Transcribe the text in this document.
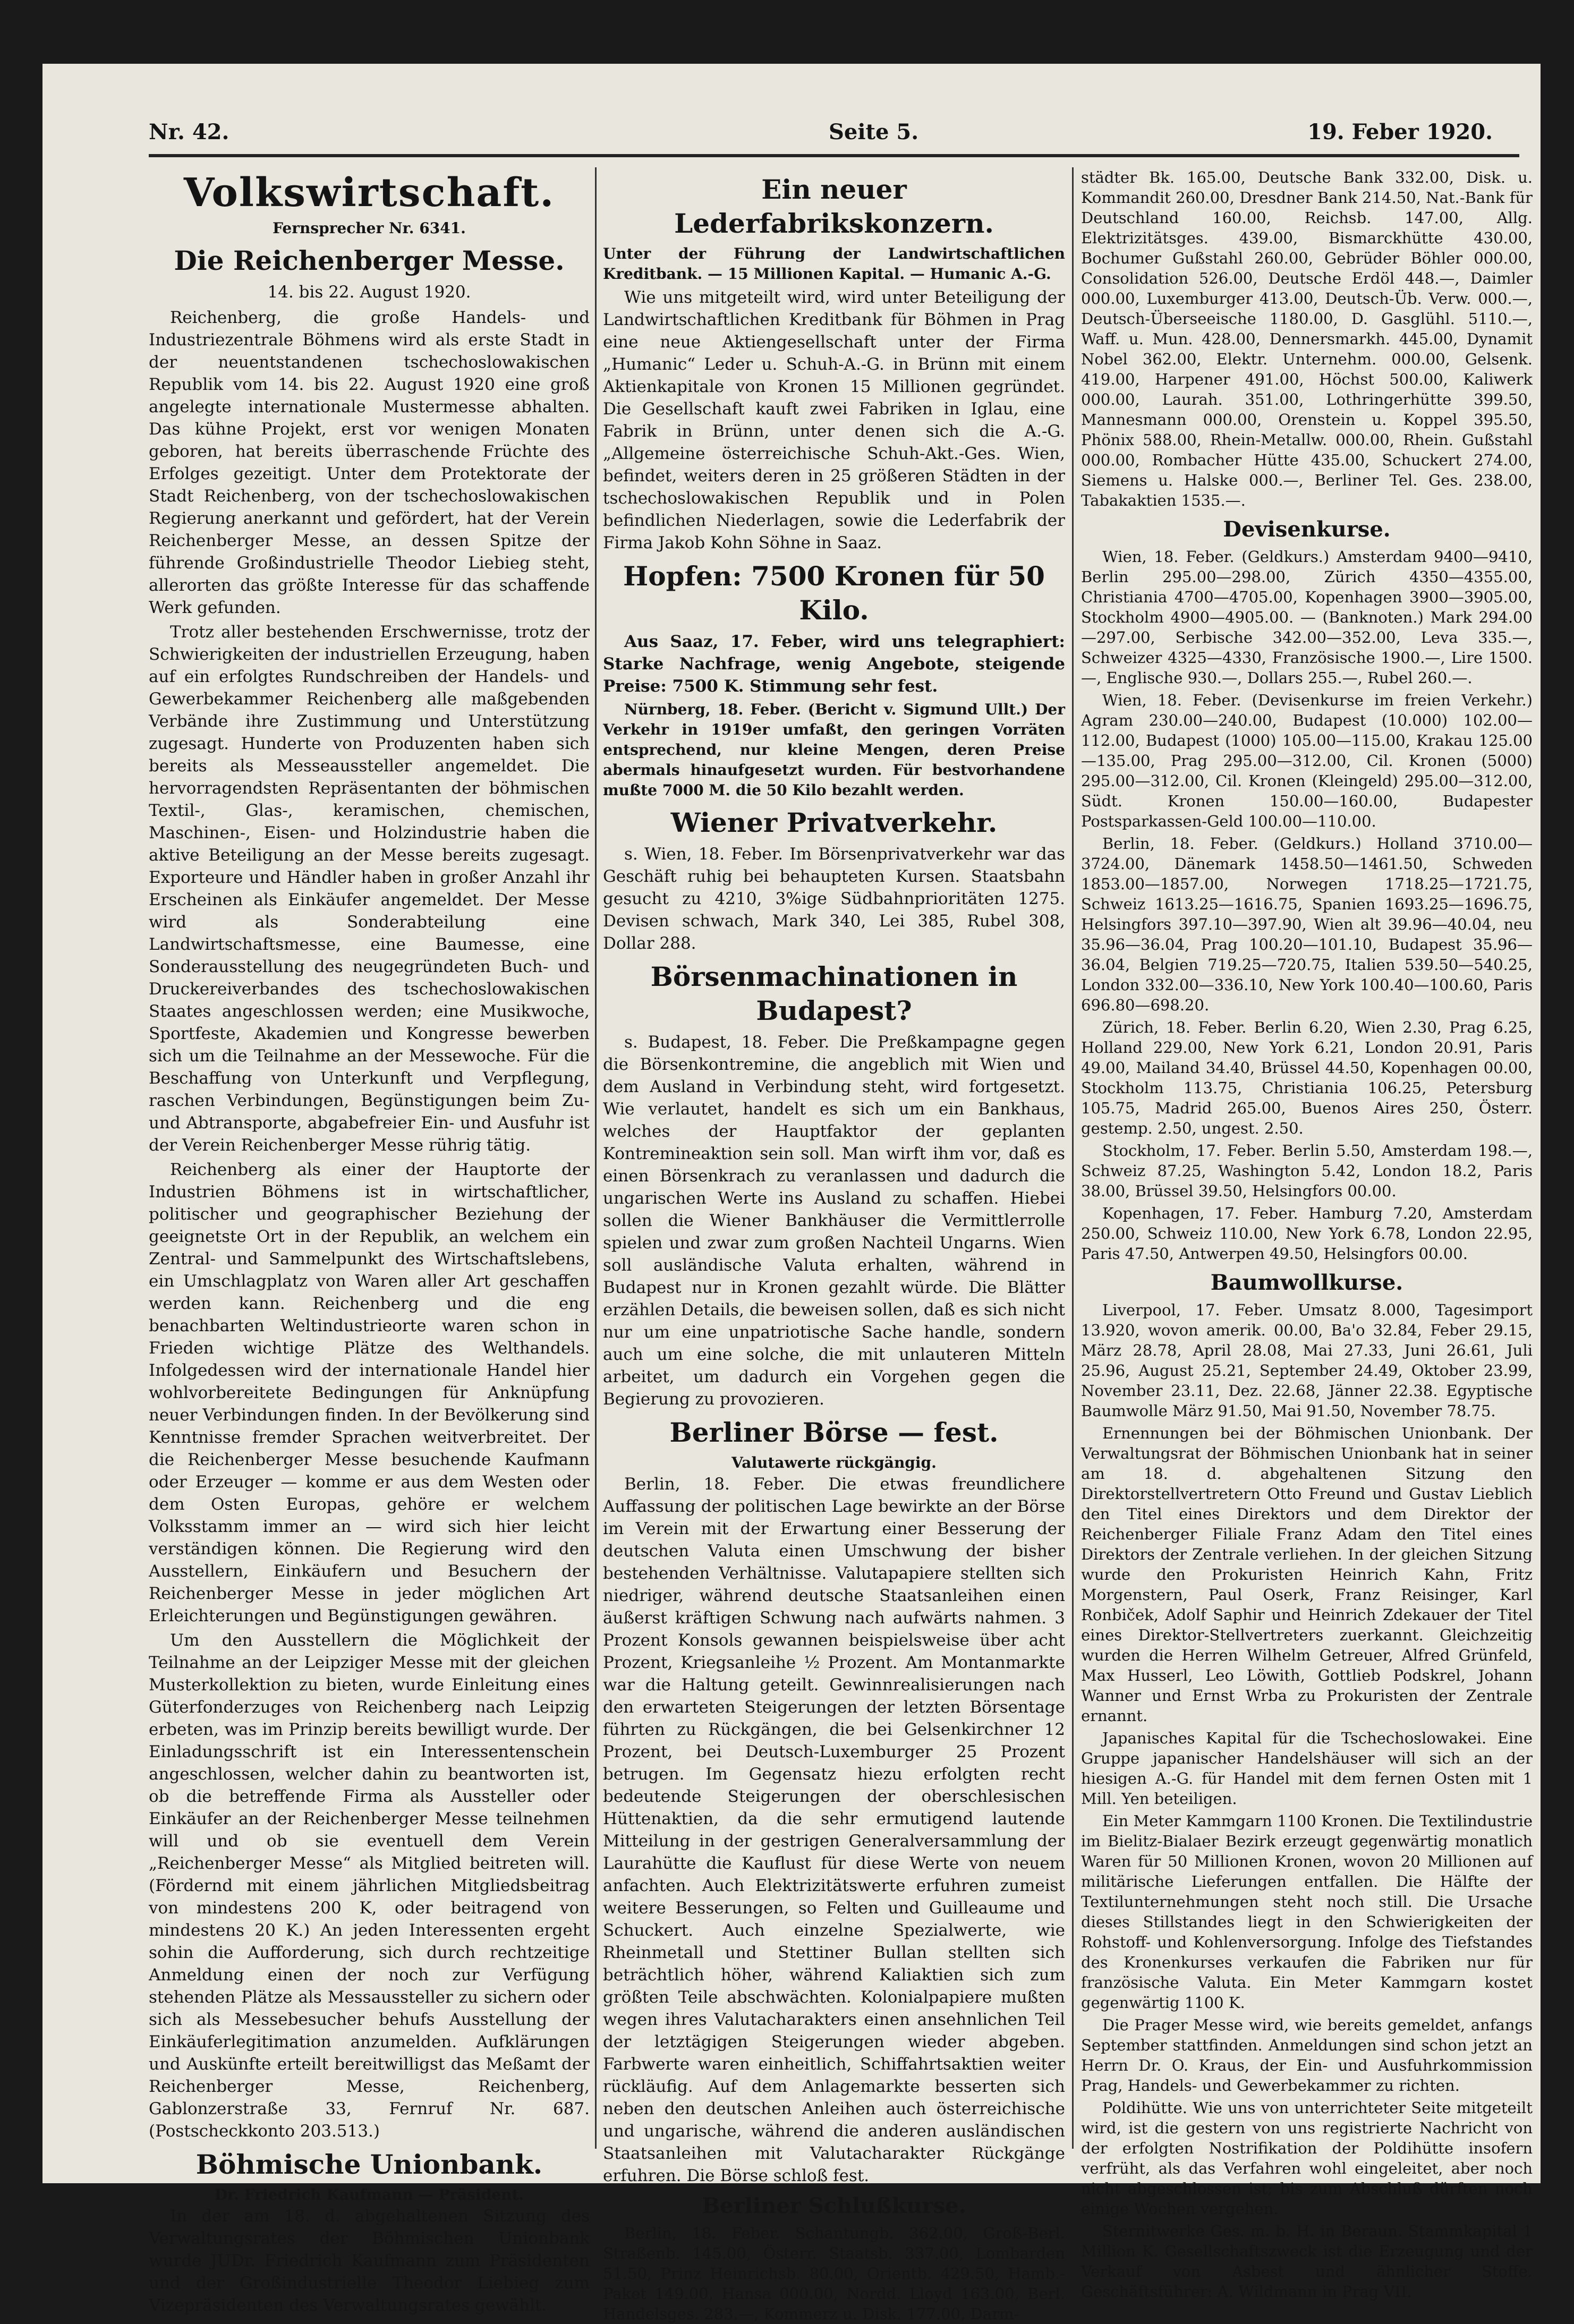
Nr. 42.	Seite 5.	19. Feber 1920.
Volkswirtschaft.
Fernsprecher Nr. 6341.
Die Reichenberger Messe.
14. bis 22. August 1920.

Reichenberg, die große Handels- und Industriezentrale Böhmens wird als erste Stadt in der neuentstandenen tschechoslowakischen Republik vom 14. bis 22. August 1920 eine groß angelegte internationale Mustermesse abhalten. Das kühne Projekt, erst vor wenigen Monaten geboren, hat bereits überraschende Früchte des Erfolges gezeitigt. Unter dem Protektorate der Stadt Reichenberg, von der tschechoslowakischen Regierung anerkannt und gefördert, hat der Verein Reichenberger Messe, an dessen Spitze der führende Großindustrielle Theodor Liebieg steht, allerorten das größte Interesse für das schaffende Werk gefunden.

Trotz aller bestehenden Erschwernisse, trotz der Schwierigkeiten der industriellen Erzeugung, haben auf ein erfolgtes Rundschreiben der Handels- und Gewerbekammer Reichenberg alle maßgebenden Verbände ihre Zustimmung und Unterstützung zugesagt. Hunderte von Produzenten haben sich bereits als Messeaussteller angemeldet. Die hervorragendsten Repräsentanten der böhmischen Textil-, Glas-, keramischen, chemischen, Maschinen-, Eisen- und Holzindustrie haben die aktive Beteiligung an der Messe bereits zugesagt. Exporteure und Händler haben in großer Anzahl ihr Erscheinen als Einkäufer angemeldet. Der Messe wird als Sonderabteilung eine Landwirtschaftsmesse, eine Baumesse, eine Sonderausstellung des neugegründeten Buch- und Druckereiverbandes des tschechoslowakischen Staates angeschlossen werden; eine Musikwoche, Sportfeste, Akademien und Kongresse bewerben sich um die Teilnahme an der Messewoche. Für die Beschaffung von Unterkunft und Verpflegung, raschen Verbindungen, Begünstigungen beim Zu- und Abtransporte, abgabefreier Ein- und Ausfuhr ist der Verein Reichenberger Messe rührig tätig.

Reichenberg als einer der Hauptorte der Industrien Böhmens ist in wirtschaftlicher, politischer und geographischer Beziehung der geeignetste Ort in der Republik, an welchem ein Zentral- und Sammelpunkt des Wirtschaftslebens, ein Umschlagplatz von Waren aller Art geschaffen werden kann. Reichenberg und die eng benachbarten Weltindustrieorte waren schon in Frieden wichtige Plätze des Welthandels. Infolgedessen wird der internationale Handel hier wohlvorbereitete Bedingungen für Anknüpfung neuer Verbindungen finden. In der Bevölkerung sind Kenntnisse fremder Sprachen weitverbreitet. Der die Reichenberger Messe besuchende Kaufmann oder Erzeuger — komme er aus dem Westen oder dem Osten Europas, gehöre er welchem Volksstamm immer an — wird sich hier leicht verständigen können. Die Regierung wird den Ausstellern, Einkäufern und Besuchern der Reichenberger Messe in jeder möglichen Art Erleichterungen und Begünstigungen gewähren.

Um den Ausstellern die Möglichkeit der Teilnahme an der Leipziger Messe mit der gleichen Musterkollektion zu bieten, wurde Einleitung eines Güterfonderzuges von Reichenberg nach Leipzig erbeten, was im Prinzip bereits bewilligt wurde. Der Einladungsschrift ist ein Interessentenschein angeschlossen, welcher dahin zu beantworten ist, ob die betreffende Firma als Aussteller oder Einkäufer an der Reichenberger Messe teilnehmen will und ob sie eventuell dem Verein „Reichenberger Messe“ als Mitglied beitreten will. (Fördernd mit einem jährlichen Mitgliedsbeitrag von mindestens 200 K, oder beitragend von mindestens 20 K.) An jeden Interessenten ergeht sohin die Aufforderung, sich durch rechtzeitige Anmeldung einen der noch zur Verfügung stehenden Plätze als Messaussteller zu sichern oder sich als Messebesucher behufs Ausstellung der Einkäuferlegitimation anzumelden. Aufklärungen und Auskünfte erteilt bereitwilligst das Meßamt der Reichenberger Messe, Reichenberg, Gablonzerstraße 33, Fernruf Nr. 687. (Postscheckkonto 203.513.)

Böhmische Unionbank.
Dr. Friedrich Kaufmann — Präsident.

In der am 18. d. abgehaltenen Sitzung des Verwaltungsrates der Böhmischen Unionbank wurde JUDr. Friedrich Kaufmann zum Präsidenten und der Großindustrielle Theodor Liebieg zum Vizepräsidenten des Verwaltungsrates gewählt.

Ein neuer Lederfabrikskonzern.

Unter der Führung der Landwirtschaftlichen Kreditbank. — 15 Millionen Kapital. — Humanic A.-G.

Wie uns mitgeteilt wird, wird unter Beteiligung der Landwirtschaftlichen Kreditbank für Böhmen in Prag eine neue Aktiengesellschaft unter der Firma „Humanic“ Leder u. Schuh-A.-G. in Brünn mit einem Aktienkapitale von Kronen 15 Millionen gegründet. Die Gesellschaft kauft zwei Fabriken in Iglau, eine Fabrik in Brünn, unter denen sich die A.-G. „Allgemeine österreichische Schuh-Akt.-Ges. Wien, befindet, weiters deren in 25 größeren Städten in der tschechoslowakischen Republik und in Polen befindlichen Niederlagen, sowie die Lederfabrik der Firma Jakob Kohn Söhne in Saaz.

Hopfen: 7500 Kronen für 50 Kilo.

Aus Saaz, 17. Feber, wird uns telegraphiert: Starke Nachfrage, wenig Angebote, steigende Preise: 7500 K. Stimmung sehr fest.

Nürnberg, 18. Feber. (Bericht v. Sigmund Ullt.) Der Verkehr in 1919er umfaßt, den geringen Vorräten entsprechend, nur kleine Mengen, deren Preise abermals hinaufgesetzt wurden. Für bestvorhandene mußte 7000 M. die 50 Kilo bezahlt werden.

Wiener Privatverkehr.

s. Wien, 18. Feber. Im Börsenprivatverkehr war das Geschäft ruhig bei behaupteten Kursen. Staatsbahn gesucht zu 4210, 3%ige Südbahnprioritäten 1275. Devisen schwach, Mark 340, Lei 385, Rubel 308, Dollar 288.

Börsenmachinationen in Budapest?

s. Budapest, 18. Feber. Die Preßkampagne gegen die Börsenkontremine, die angeblich mit Wien und dem Ausland in Verbindung steht, wird fortgesetzt. Wie verlautet, handelt es sich um ein Bankhaus, welches der Hauptfaktor der geplanten Kontremineaktion sein soll. Man wirft ihm vor, daß es einen Börsenkrach zu veranlassen und dadurch die ungarischen Werte ins Ausland zu schaffen. Hiebei sollen die Wiener Bankhäuser die Vermittlerrolle spielen und zwar zum großen Nachteil Ungarns. Wien soll ausländische Valuta erhalten, während in Budapest nur in Kronen gezahlt würde. Die Blätter erzählen Details, die beweisen sollen, daß es sich nicht nur um eine unpatriotische Sache handle, sondern auch um eine solche, die mit unlauteren Mitteln arbeitet, um dadurch ein Vorgehen gegen die Begierung zu provozieren.

Berliner Börse — fest.
Valutawerte rückgängig.

Berlin, 18. Feber. Die etwas freundlichere Auffassung der politischen Lage bewirkte an der Börse im Verein mit der Erwartung einer Besserung der deutschen Valuta einen Umschwung der bisher bestehenden Verhältnisse. Valutapapiere stellten sich niedriger, während deutsche Staatsanleihen einen äußerst kräftigen Schwung nach aufwärts nahmen. 3 Prozent Konsols gewannen beispielsweise über acht Prozent, Kriegsanleihe ½ Prozent. Am Montanmarkte war die Haltung geteilt. Gewinnrealisierungen nach den erwarteten Steigerungen der letzten Börsentage führten zu Rückgängen, die bei Gelsenkirchner 12 Prozent, bei Deutsch-Luxemburger 25 Prozent betrugen. Im Gegensatz hiezu erfolgten recht bedeutende Steigerungen der oberschlesischen Hüttenaktien, da die sehr ermutigend lautende Mitteilung in der gestrigen Generalversammlung der Laurahütte die Kauflust für diese Werte von neuem anfachten. Auch Elektrizitätswerte erfuhren zumeist weitere Besserungen, so Felten und Guilleaume und Schuckert. Auch einzelne Spezialwerte, wie Rheinmetall und Stettiner Bullan stellten sich beträchtlich höher, während Kaliaktien sich zum größten Teile abschwächten. Kolonialpapiere mußten wegen ihres Valutacharakters einen ansehnlichen Teil der letztägigen Steigerungen wieder abgeben. Farbwerte waren einheitlich, Schiffahrtsaktien weiter rückläufig. Auf dem Anlagemarkte besserten sich neben den deutschen Anleihen auch österreichische und ungarische, während die anderen ausländischen Staatsanleihen mit Valutacharakter Rückgänge erfuhren. Die Börse schloß fest.

Berliner Schlußkurse.

Berlin, 18. Feber. Schantungb. 362.00, Groß-Berl. Straßenb. 145.00, Österr. Staatsb. 337.00, Lombarden 51.50, Prinz Heinrichsb. 80.00, Orientb. 429.50, Hamb.-Paket 149.00, Hansa 000.00, Nordd. Lloyd 163.00, Berl. Handelsges. 283.—, Kommerz u. Disk. 177.00, Darm-

städter Bk. 165.00, Deutsche Bank 332.00, Disk. u. Kommandit 260.00, Dresdner Bank 214.50, Nat.-Bank für Deutschland 160.00, Reichsb. 147.00, Allg. Elektrizitätsges. 439.00, Bismarckhütte 430.00, Bochumer Gußstahl 260.00, Gebrüder Böhler 000.00, Consolidation 526.00, Deutsche Erdöl 448.—, Daimler 000.00, Luxemburger 413.00, Deutsch-Üb. Verw. 000.—, Deutsch-Überseeische 1180.00, D. Gasglühl. 5110.—, Waff. u. Mun. 428.00, Dennersmarkh. 445.00, Dynamit Nobel 362.00, Elektr. Unternehm. 000.00, Gelsenk. 419.00, Harpener 491.00, Höchst 500.00, Kaliwerk 000.00, Laurah. 351.00, Lothringerhütte 399.50, Mannesmann 000.00, Orenstein u. Koppel 395.50, Phönix 588.00, Rhein-Metallw. 000.00, Rhein. Gußstahl 000.00, Rombacher Hütte 435.00, Schuckert 274.00, Siemens u. Halske 000.—, Berliner Tel. Ges. 238.00, Tabakaktien 1535.—.

Devisenkurse.

Wien, 18. Feber. (Geldkurs.) Amsterdam 9400—9410, Berlin 295.00—298.00, Zürich 4350—4355.00, Christiania 4700—4705.00, Kopenhagen 3900—3905.00, Stockholm 4900—4905.00. — (Banknoten.) Mark 294.00—297.00, Serbische 342.00—352.00, Leva 335.—, Schweizer 4325—4330, Französische 1900.—, Lire 1500.—, Englische 930.—, Dollars 255.—, Rubel 260.—.

Wien, 18. Feber. (Devisenkurse im freien Verkehr.) Agram 230.00—240.00, Budapest (10.000) 102.00—112.00, Budapest (1000) 105.00—115.00, Krakau 125.00—135.00, Prag 295.00—312.00, Cil. Kronen (5000) 295.00—312.00, Cil. Kronen (Kleingeld) 295.00—312.00, Südt. Kronen 150.00—160.00, Budapester Postsparkassen-Geld 100.00—110.00.

Berlin, 18. Feber. (Geldkurs.) Holland 3710.00—3724.00, Dänemark 1458.50—1461.50, Schweden 1853.00—1857.00, Norwegen 1718.25—1721.75, Schweiz 1613.25—1616.75, Spanien 1693.25—1696.75, Helsingfors 397.10—397.90, Wien alt 39.96—40.04, neu 35.96—36.04, Prag 100.20—101.10, Budapest 35.96—36.04, Belgien 719.25—720.75, Italien 539.50—540.25, London 332.00—336.10, New York 100.40—100.60, Paris 696.80—698.20.

Zürich, 18. Feber. Berlin 6.20, Wien 2.30, Prag 6.25, Holland 229.00, New York 6.21, London 20.91, Paris 49.00, Mailand 34.40, Brüssel 44.50, Kopenhagen 00.00, Stockholm 113.75, Christiania 106.25, Petersburg 105.75, Madrid 265.00, Buenos Aires 250, Österr. gestemp. 2.50, ungest. 2.50.

Stockholm, 17. Feber. Berlin 5.50, Amsterdam 198.—, Schweiz 87.25, Washington 5.42, London 18.2, Paris 38.00, Brüssel 39.50, Helsingfors 00.00.

Kopenhagen, 17. Feber. Hamburg 7.20, Amsterdam 250.00, Schweiz 110.00, New York 6.78, London 22.95, Paris 47.50, Antwerpen 49.50, Helsingfors 00.00.

Baumwollkurse.

Liverpool, 17. Feber. Umsatz 8.000, Tagesimport 13.920, wovon amerik. 00.00, Ba'o 32.84, Feber 29.15, März 28.78, April 28.08, Mai 27.33, Juni 26.61, Juli 25.96, August 25.21, September 24.49, Oktober 23.99, November 23.11, Dez. 22.68, Jänner 22.38. Egyptische Baumwolle März 91.50, Mai 91.50, November 78.75.

Ernennungen bei der Böhmischen Unionbank. Der Verwaltungsrat der Böhmischen Unionbank hat in seiner am 18. d. abgehaltenen Sitzung den Direktorstellvertretern Otto Freund und Gustav Lieblich den Titel eines Direktors und dem Direktor der Reichenberger Filiale Franz Adam den Titel eines Direktors der Zentrale verliehen. In der gleichen Sitzung wurde den Prokuristen Heinrich Kahn, Fritz Morgenstern, Paul Oserk, Franz Reisinger, Karl Ronbiček, Adolf Saphir und Heinrich Zdekauer der Titel eines Direktor-Stellvertreters zuerkannt. Gleichzeitig wurden die Herren Wilhelm Getreuer, Alfred Grünfeld, Max Husserl, Leo Löwith, Gottlieb Podskrel, Johann Wanner und Ernst Wrba zu Prokuristen der Zentrale ernannt.

Japanisches Kapital für die Tschechoslowakei. Eine Gruppe japanischer Handelshäuser will sich an der hiesigen A.-G. für Handel mit dem fernen Osten mit 1 Mill. Yen beteiligen.

Ein Meter Kammgarn 1100 Kronen. Die Textilindustrie im Bielitz-Bialaer Bezirk erzeugt gegenwärtig monatlich Waren für 50 Millionen Kronen, wovon 20 Millionen auf militärische Lieferungen entfallen. Die Hälfte der Textilunternehmungen steht noch still. Die Ursache dieses Stillstandes liegt in den Schwierigkeiten der Rohstoff- und Kohlenversorgung. Infolge des Tiefstandes des Kronenkurses verkaufen die Fabriken nur für französische Valuta. Ein Meter Kammgarn kostet gegenwärtig 1100 K.

Die Prager Messe wird, wie bereits gemeldet, anfangs September stattfinden. Anmeldungen sind schon jetzt an Herrn Dr. O. Kraus, der Ein- und Ausfuhrkommission Prag, Handels- und Gewerbekammer zu richten.

Poldihütte. Wie uns von unterrichteter Seite mitgeteilt wird, ist die gestern von uns registrierte Nachricht von der erfolgten Nostrifikation der Poldihütte insofern verfrüht, als das Verfahren wohl eingeleitet, aber noch nicht abgeschlossen ist; bis zum Abschluß dürften noch einige Wochen vergehen.

Sternitwerke Ges. m. b. H. in Beraun. Stammkapital 1 Million K. Gesellschaftszweck ist die Erzeugung und der Verkauf von Asbest und ähnlicher Stoffe. Geschäftsführer: A. Wildmann in Prag VII.
